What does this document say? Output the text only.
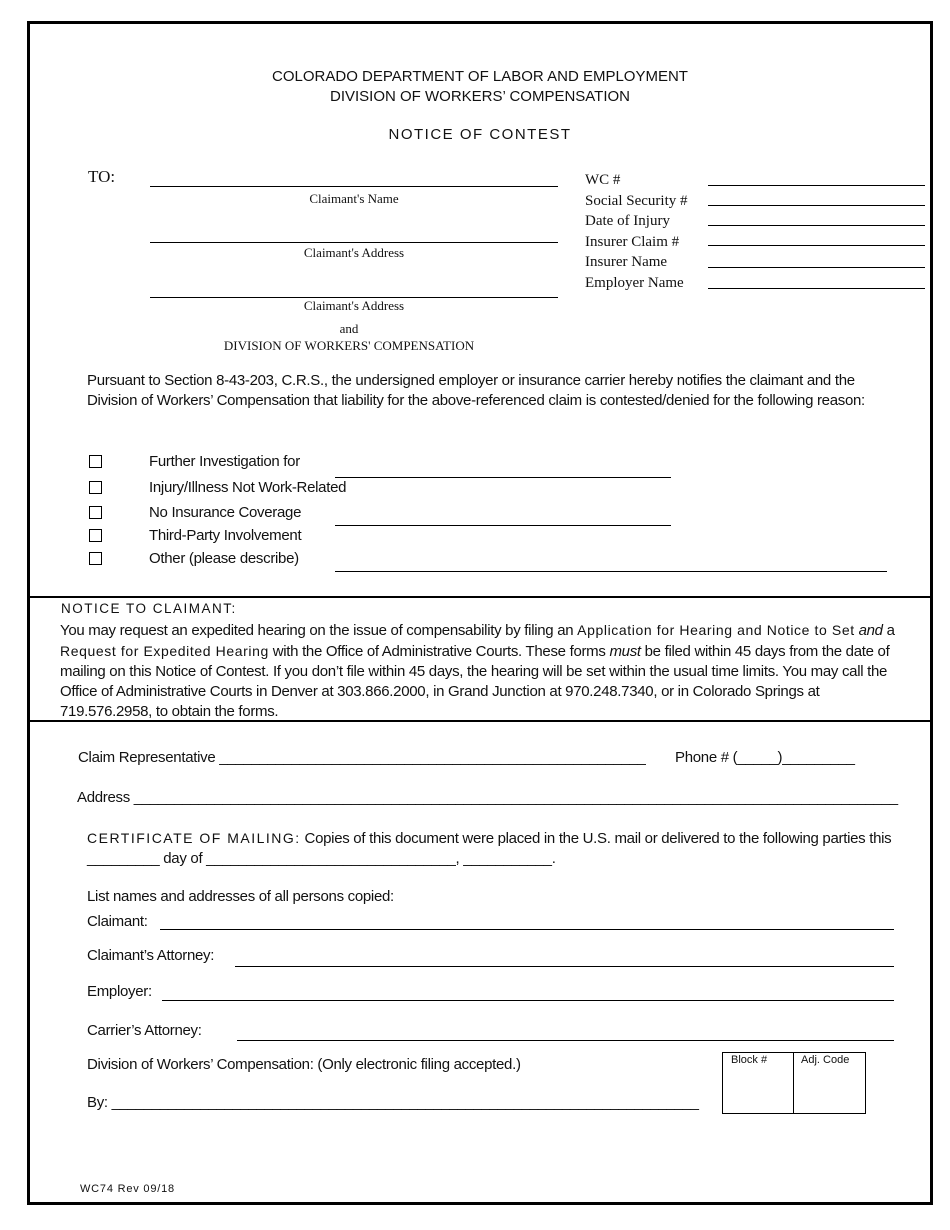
COLORADO DEPARTMENT OF LABOR AND EMPLOYMENT
DIVISION OF WORKERS’ COMPENSATION
NOTICE OF CONTEST
TO:
Claimant's Name
Claimant's Address
Claimant's Address
and
DIVISION OF WORKERS' COMPENSATION
WC #
Social Security #
Date of Injury
Insurer Claim #
Insurer Name
Employer Name
Pursuant to Section 8-43-203, C.R.S., the undersigned employer or insurance carrier hereby notifies the claimant and the Division of Workers’ Compensation that liability for the above-referenced claim is contested/denied for the following reason:
Further Investigation for
Injury/Illness Not Work-Related
No Insurance Coverage
Third-Party Involvement
Other (please describe)
NOTICE TO CLAIMANT:
You may request an expedited hearing on the issue of compensability by filing an Application for Hearing and Notice to Set and a Request for Expedited Hearing with the Office of Administrative Courts. These forms must be filed within 45 days from the date of mailing on this Notice of Contest. If you don’t file within 45 days, the hearing will be set within the usual time limits. You may call the Office of Administrative Courts in Denver at 303.866.2000, in Grand Junction at 970.248.7340, or in Colorado Springs at 719.576.2958, to obtain the forms.
Claim Representative _____________________________________________________ Phone # (_____)_________
Address _______________________________________________________________________________________________
CERTIFICATE OF MAILING: Copies of this document were placed in the U.S. mail or delivered to the following parties this _________ day of _______________________________, ___________.
List names and addresses of all persons copied:
Claimant:
Claimant’s Attorney:
Employer:
Carrier’s Attorney:
Division of Workers’ Compensation: (Only electronic filing accepted.)
By: _________________________________________________________________________
Block #	Adj. Code
WC74 Rev 09/18
